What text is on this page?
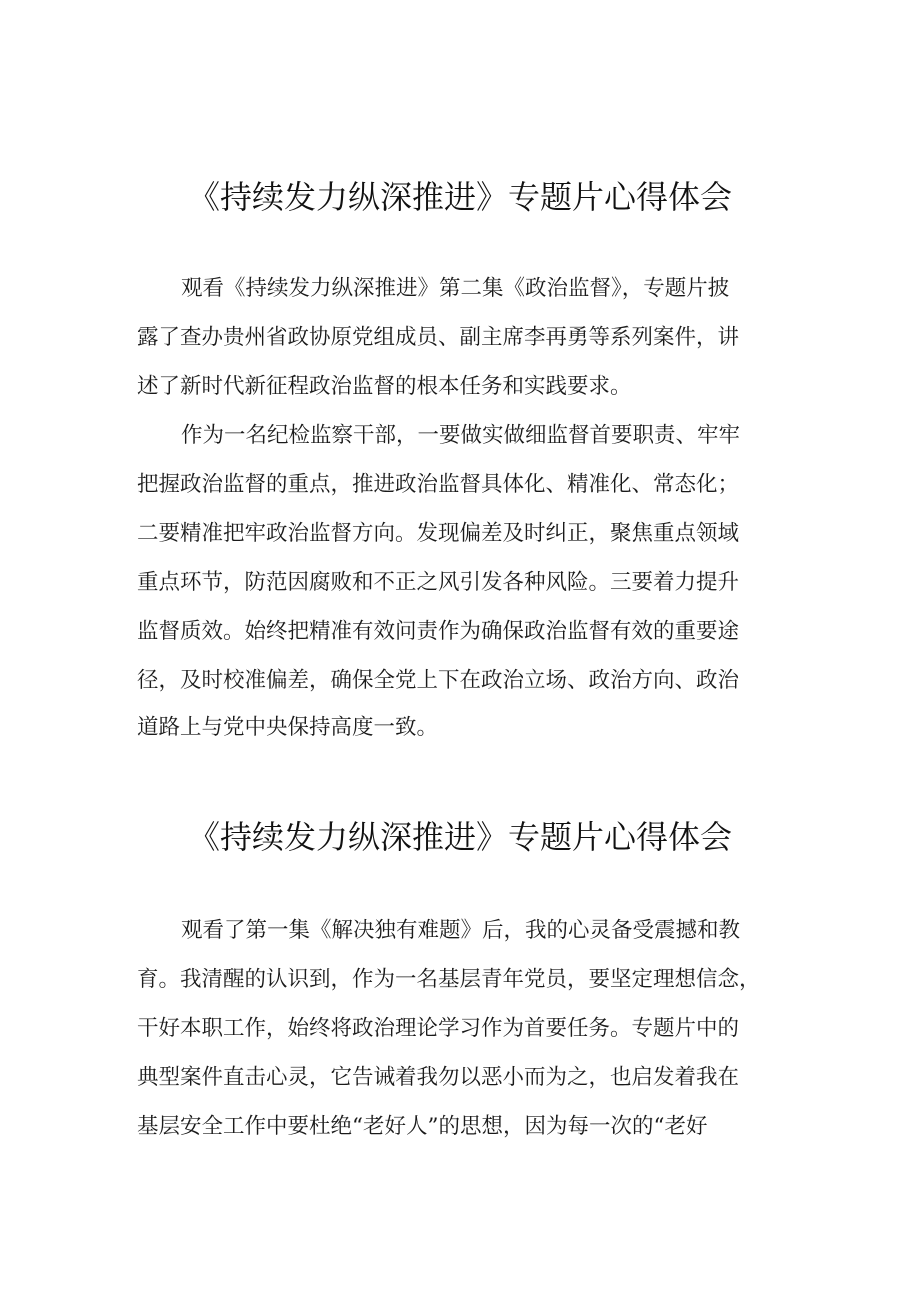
《持续发力纵深推进》专题片心得体会

观看《持续发力纵深推进》第二集《政治监督》，专题片披

露了查办贵州省政协原党组成员、副主席李再勇等系列案件，讲

述了新时代新征程政治监督的根本任务和实践要求。

作为一名纪检监察干部，一要做实做细监督首要职责、牢牢

把握政治监督的重点，推进政治监督具体化、精准化、常态化；

二要精准把牢政治监督方向。发现偏差及时纠正，聚焦重点领域

重点环节，防范因腐败和不正之风引发各种风险。三要着力提升

监督质效。始终把精准有效问责作为确保政治监督有效的重要途

径，及时校准偏差，确保全党上下在政治立场、政治方向、政治

道路上与党中央保持高度一致。

《持续发力纵深推进》专题片心得体会

观看了第一集《解决独有难题》后，我的心灵备受震撼和教

育。我清醒的认识到，作为一名基层青年党员，要坚定理想信念，

干好本职工作，始终将政治理论学习作为首要任务。专题片中的

典型案件直击心灵，它告诫着我勿以恶小而为之，也启发着我在

基层安全工作中要杜绝“老好人”的思想，因为每一次的“老好
